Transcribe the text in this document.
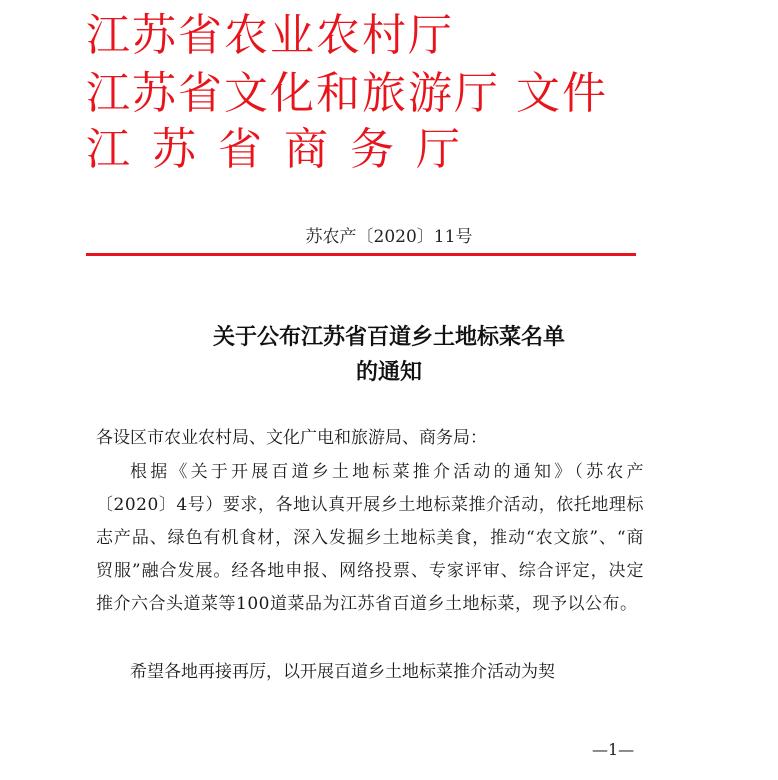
江苏省农业农村厅
江苏省文化和旅游厅 文件
江苏省商务厅
苏农产〔2020〕11号
关于公布江苏省百道乡土地标菜名单
的通知
各设区市农业农村局、文化广电和旅游局、商务局：
根据《关于开展百道乡土地标菜推介活动的通知》（苏农产〔2020〕4号）要求，各地认真开展乡土地标菜推介活动，依托地理标志产品、绿色有机食材，深入发掘乡土地标美食，推动“农文旅”、“商贸服”融合发展。经各地申报、网络投票、专家评审、综合评定，决定推介六合头道菜等100道菜品为江苏省百道乡土地标菜，现予以公布。
希望各地再接再厉，以开展百道乡土地标菜推介活动为契
—1—
